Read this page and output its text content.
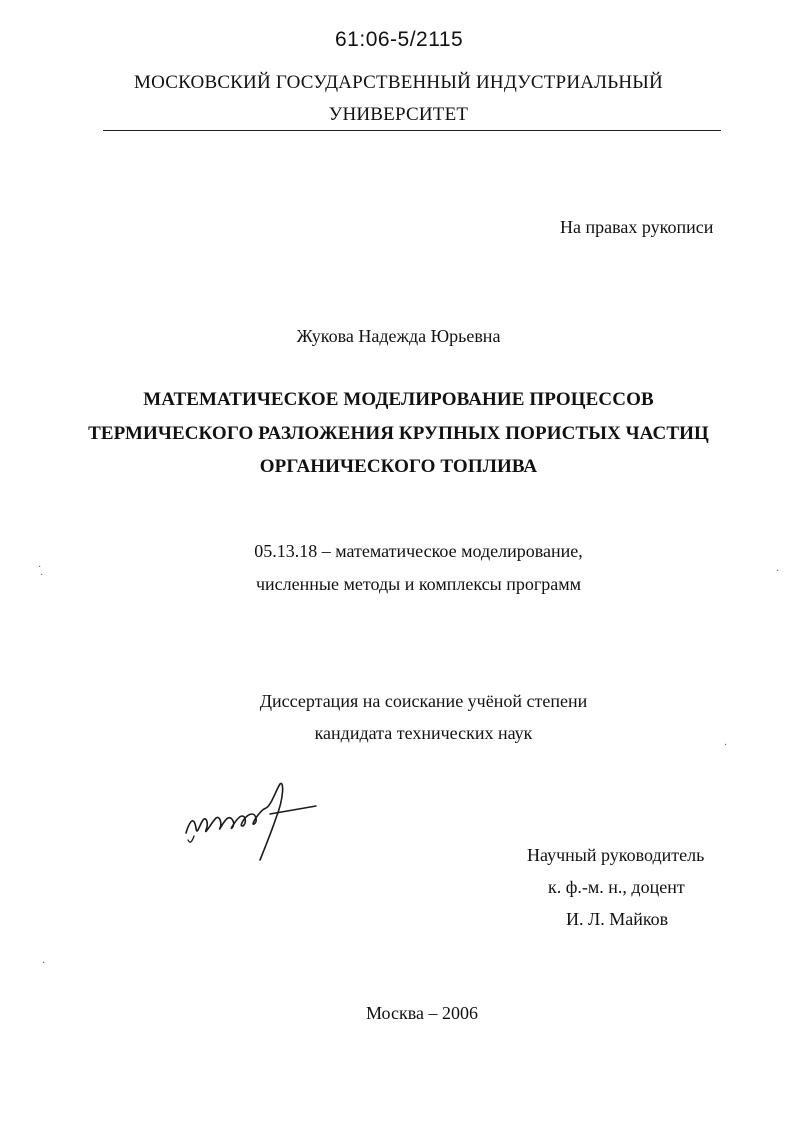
61:06-5/2115
МОСКОВСКИЙ ГОСУДАРСТВЕННЫЙ ИНДУСТРИАЛЬНЫЙ
УНИВЕРСИТЕТ
На правах рукописи
Жукова Надежда Юрьевна
МАТЕМАТИЧЕСКОЕ МОДЕЛИРОВАНИЕ ПРОЦЕССОВ
ТЕРМИЧЕСКОГО РАЗЛОЖЕНИЯ КРУПНЫХ ПОРИСТЫХ ЧАСТИЦ
ОРГАНИЧЕСКОГО ТОПЛИВА
05.13.18 – математическое моделирование,
численные методы и комплексы программ
Диссертация на соискание учёной степени
кандидата технических наук
Научный руководитель
к. ф.-м. н., доцент
И. Л. Майков
Москва – 2006
·
·	·
·
·
